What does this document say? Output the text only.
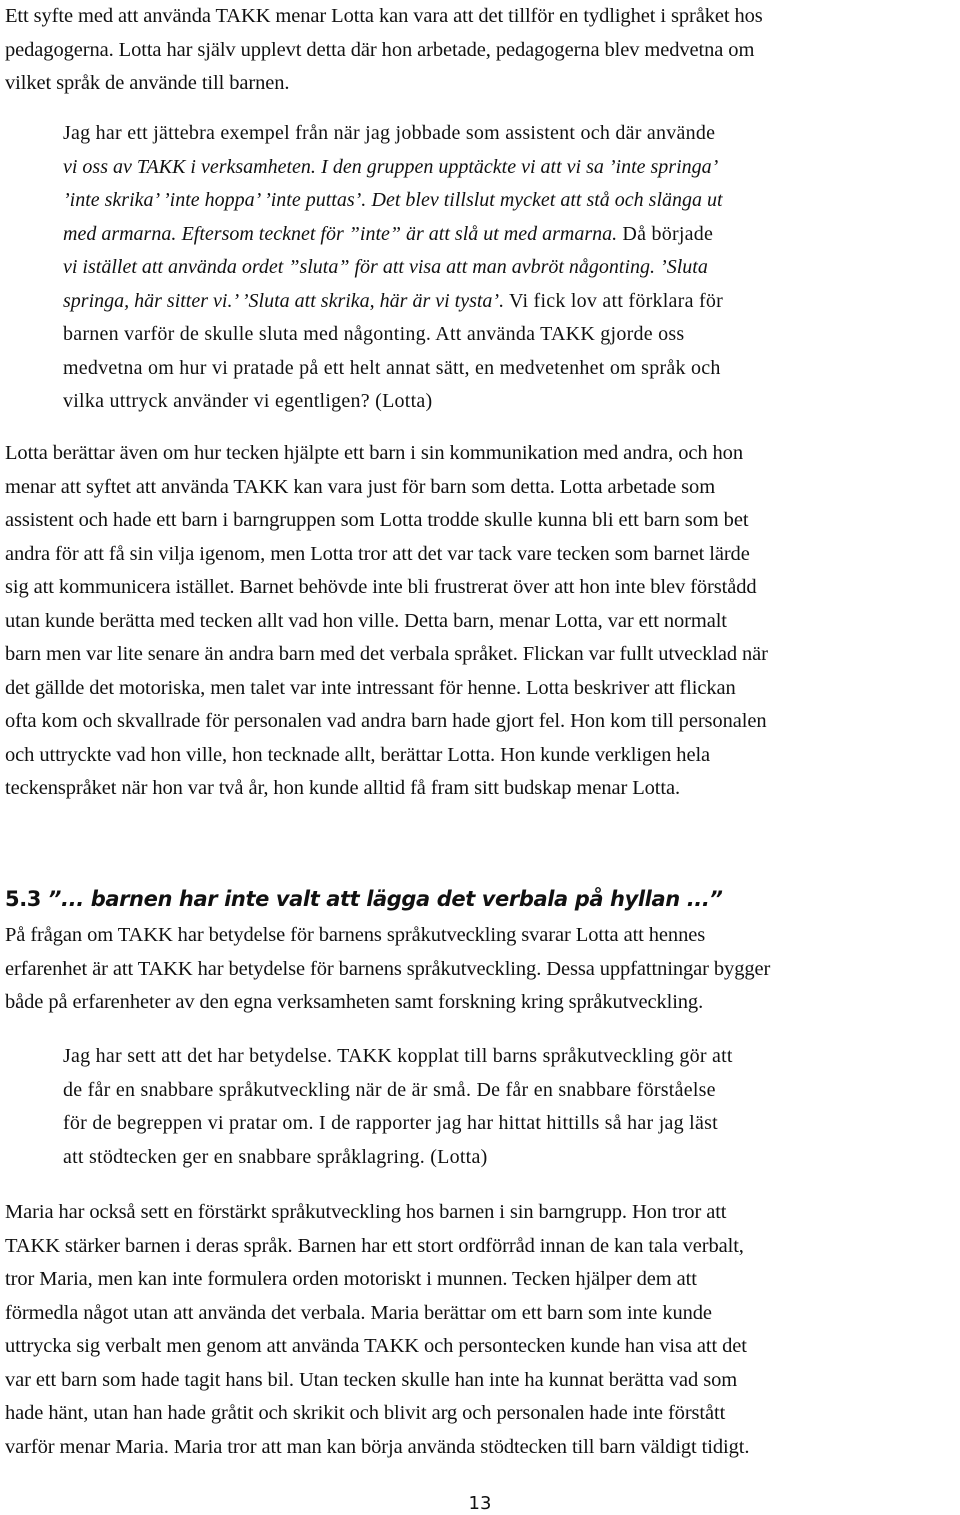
Ett syfte med att använda TAKK menar Lotta kan vara att det tillför en tydlighet i språket hos
pedagogerna. Lotta har själv upplevt detta där hon arbetade, pedagogerna blev medvetna om
vilket språk de använde till barnen.

Jag har ett jättebra exempel från när jag jobbade som assistent och där använde
vi oss av TAKK i verksamheten. I den gruppen upptäckte vi att vi sa ’inte springa’
’inte skrika’ ’inte hoppa’ ’inte puttas’. Det blev tillslut mycket att stå och slänga ut
med armarna. Eftersom tecknet för ”inte” är att slå ut med armarna. Då började
vi istället att använda ordet ”sluta” för att visa att man avbröt någonting. ’Sluta
springa, här sitter vi.’ ’Sluta att skrika, här är vi tysta’. Vi fick lov att förklara för
barnen varför de skulle sluta med någonting. Att använda TAKK gjorde oss
medvetna om hur vi pratade på ett helt annat sätt, en medvetenhet om språk och
vilka uttryck använder vi egentligen? (Lotta)

Lotta berättar även om hur tecken hjälpte ett barn i sin kommunikation med andra, och hon
menar att syftet att använda TAKK kan vara just för barn som detta. Lotta arbetade som
assistent och hade ett barn i barngruppen som Lotta trodde skulle kunna bli ett barn som bet
andra för att få sin vilja igenom, men Lotta tror att det var tack vare tecken som barnet lärde
sig att kommunicera istället. Barnet behövde inte bli frustrerat över att hon inte blev förstådd
utan kunde berätta med tecken allt vad hon ville. Detta barn, menar Lotta, var ett normalt
barn men var lite senare än andra barn med det verbala språket. Flickan var fullt utvecklad när
det gällde det motoriska, men talet var inte intressant för henne. Lotta beskriver att flickan
ofta kom och skvallrade för personalen vad andra barn hade gjort fel. Hon kom till personalen
och uttryckte vad hon ville, hon tecknade allt, berättar Lotta. Hon kunde verkligen hela
teckenspråket när hon var två år, hon kunde alltid få fram sitt budskap menar Lotta.

5.3 ”... barnen har inte valt att lägga det verbala på hyllan ...”

På frågan om TAKK har betydelse för barnens språkutveckling svarar Lotta att hennes
erfarenhet är att TAKK har betydelse för barnens språkutveckling. Dessa uppfattningar bygger
både på erfarenheter av den egna verksamheten samt forskning kring språkutveckling.

Jag har sett att det har betydelse. TAKK kopplat till barns språkutveckling gör att
de får en snabbare språkutveckling när de är små. De får en snabbare förståelse
för de begreppen vi pratar om. I de rapporter jag har hittat hittills så har jag läst
att stödtecken ger en snabbare språklagring. (Lotta)

Maria har också sett en förstärkt språkutveckling hos barnen i sin barngrupp. Hon tror att
TAKK stärker barnen i deras språk. Barnen har ett stort ordförråd innan de kan tala verbalt,
tror Maria, men kan inte formulera orden motoriskt i munnen. Tecken hjälper dem att
förmedla något utan att använda det verbala. Maria berättar om ett barn som inte kunde
uttrycka sig verbalt men genom att använda TAKK och persontecken kunde han visa att det
var ett barn som hade tagit hans bil. Utan tecken skulle han inte ha kunnat berätta vad som
hade hänt, utan han hade gråtit och skrikit och blivit arg och personalen hade inte förstått
varför menar Maria. Maria tror att man kan börja använda stödtecken till barn väldigt tidigt.

13
